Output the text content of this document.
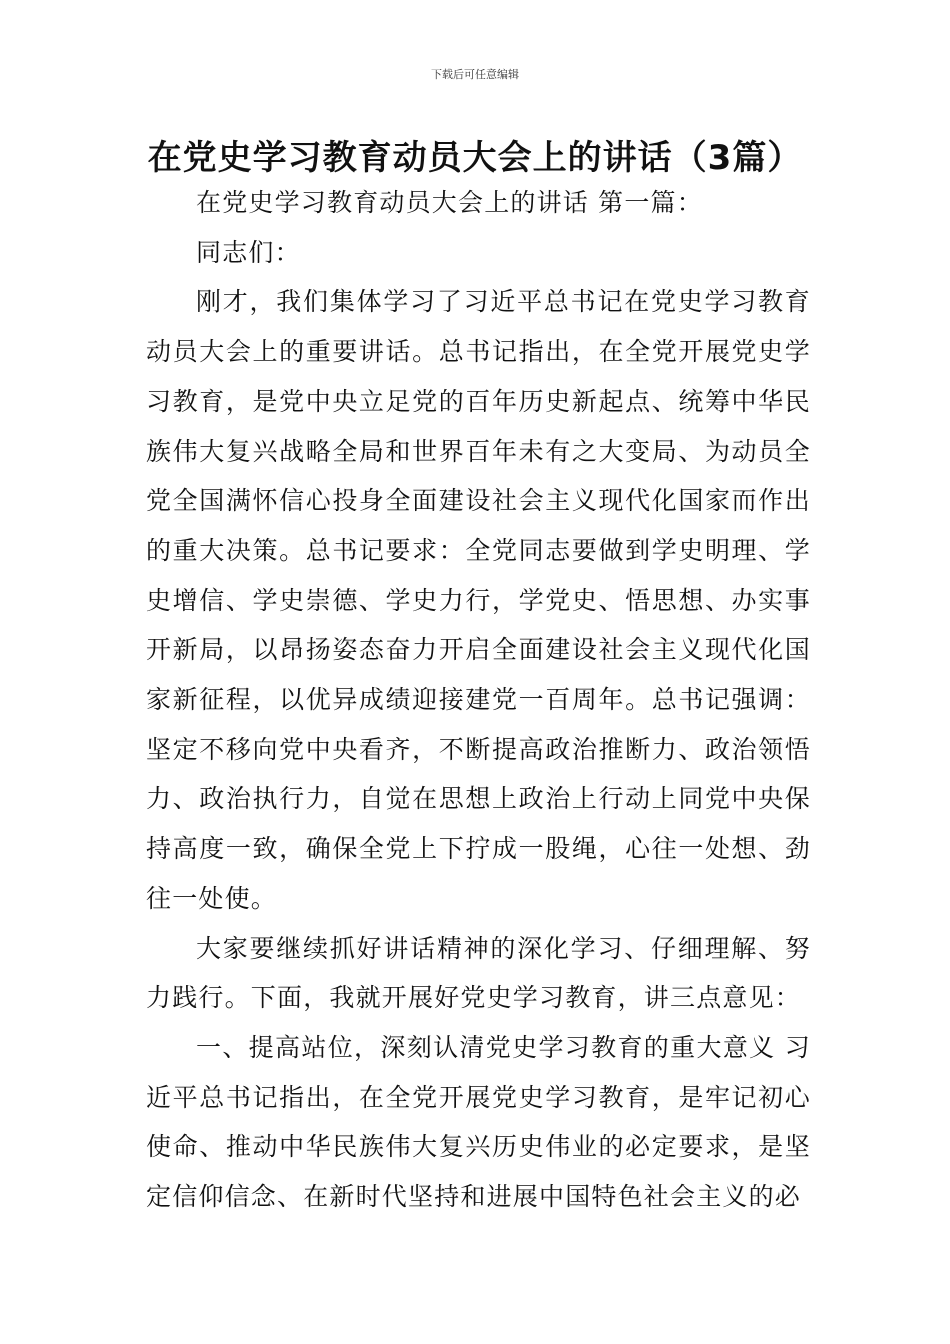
下载后可任意编辑
在党史学习教育动员大会上的讲话（3篇）

在党史学习教育动员大会上的讲话 第一篇：

同志们：

刚才，我们集体学习了习近平总书记在党史学习教育动员大会上的重要讲话。总书记指出，在全党开展党史学习教育，是党中央立足党的百年历史新起点、统筹中华民族伟大复兴战略全局和世界百年未有之大变局、为动员全党全国满怀信心投身全面建设社会主义现代化国家而作出的重大决策。总书记要求：全党同志要做到学史明理、学史增信、学史崇德、学史力行，学党史、悟思想、办实事开新局，以昂扬姿态奋力开启全面建设社会主义现代化国家新征程，以优异成绩迎接建党一百周年。总书记强调：坚定不移向党中央看齐，不断提高政治推断力、政治领悟力、政治执行力，自觉在思想上政治上行动上同党中央保持高度一致，确保全党上下拧成一股绳，心往一处想、劲往一处使。

大家要继续抓好讲话精神的深化学习、仔细理解、努力践行。下面，我就开展好党史学习教育，讲三点意见：

一、提高站位，深刻认清党史学习教育的重大意义 习近平总书记指出，在全党开展党史学习教育，是牢记初心使命、推动中华民族伟大复兴历史伟业的必定要求，是坚定信仰信念、在新时代坚持和进展中国特色社会主义的必
